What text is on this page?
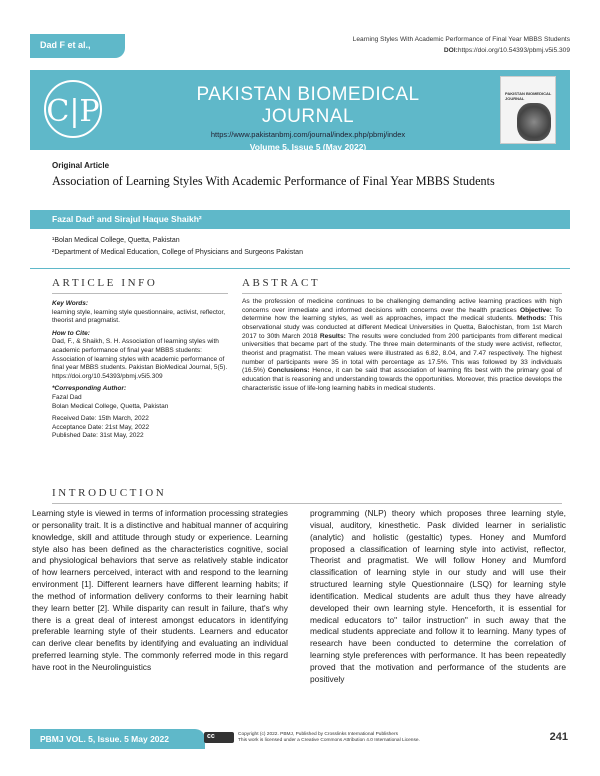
Dad F et al.,
Learning Styles With Academic Performance of Final Year MBBS Students
DOI:https://doi.org/10.54393/pbmj.v5i5.309
C|P	PAKISTAN BIOMEDICAL JOURNAL
https://www.pakistanbmj.com/journal/index.php/pbmj/index
Volume 5, Issue 5 (May 2022)
PAKISTAN BIOMEDICAL JOURNAL
Original Article
Association of Learning Styles With Academic Performance of Final Year MBBS Students
Fazal Dad¹ and Sirajul Haque Shaikh²
¹Bolan Medical College, Quetta, Pakistan
²Department of Medical Education, College of Physicians and Surgeons Pakistan
ARTICLE INFO

Key Words:
learning style, learning style questionnaire, activist, reflector, theorist and pragmatist.

How to Cite:
Dad, F., & Shaikh, S. H. Association of learning styles with academic performance of final year MBBS students: Association of learning styles with academic performance of final year MBBS students. Pakistan BioMedical Journal, 5(5). https://doi.org/10.54393/pbmj.v5i5.309

*Corresponding Author:
Fazal Dad
Bolan Medical College, Quetta, Pakistan

Received Date: 15th March, 2022
Acceptance Date: 21st May, 2022
Published Date: 31st May, 2022

ABSTRACT
As the profession of medicine continues to be challenging demanding active learning practices with high concerns over immediate and informed decisions with concerns over the health practices Objective: To determine how the learning styles, as well as approaches, impact the medical students. Methods: This observational study was conducted at different Medical Universities in Quetta, Balochistan, from 1st March 2017 to 30th March 2018 Results: The results were concluded from 200 participants from different medical universities that became part of the study. The three main determinants of the study were activist, reflector, theorist and pragmatist. The mean values were illustrated as 6.82, 8.04, and 7.47 respectively. The highest number of participants were 35 in total with percentage as 17.5%. This was followed by 33 individuals (16.5%) Conclusions: Hence, it can be said that association of learning fits best with the primary goal of education that is reasoning and understanding towards the opportunities. Moreover, this practice develops the characteristic issue of life-long learning habits in medical students.
INTRODUCTION
Learning style is viewed in terms of information processing strategies or personality trait. It is a distinctive and habitual manner of acquiring knowledge, skill and attitude through study or experience. Learning style also has been defined as the characteristics cognitive, social and physiological behaviors that serve as relatively stable indicator of how learners perceived, interact with and respond to the learning environment [1]. Different learners have different learning habits; if the method of information delivery conforms to their learning habit they learn better [2]. While disparity can result in failure, that's why there is a great deal of interest amongst educators in identifying preferable learning style of their students. Learners and educator can derive clear benefits by identifying and evaluating an individual preferred learning style. The commonly referred mode in this regard have root in the Neurolinguistics
programming (NLP) theory which proposes three learning style, visual, auditory, kinesthetic. Pask divided learner in serialistic (analytic) and holistic (gestaltic) types. Honey and Mumford proposed a classification of learning style into activist, reflector, Theorist and pragmatist. We will follow Honey and Mumford classification of learning style in our study and will use their structured learning style Questionnaire (LSQ) for learning style identification. Medical students are adult thus they have already developed their own learning style. Henceforth, it is essential for medical educators to" tailor instruction" in such away that the medical students appreciate and follow it to learning. Many types of research have been conducted to determine the correlation of learning style preferences with performance. It has been repeatedly proved that the motivation and performance of the students are positively
PBMJ VOL. 5, Issue. 5 May 2022	cc	Copyright (c) 2022. PBMJ, Published by Crosslinks International Publishers
This work is licensed under a Creative Commons Attribution 4.0 International License.	241
